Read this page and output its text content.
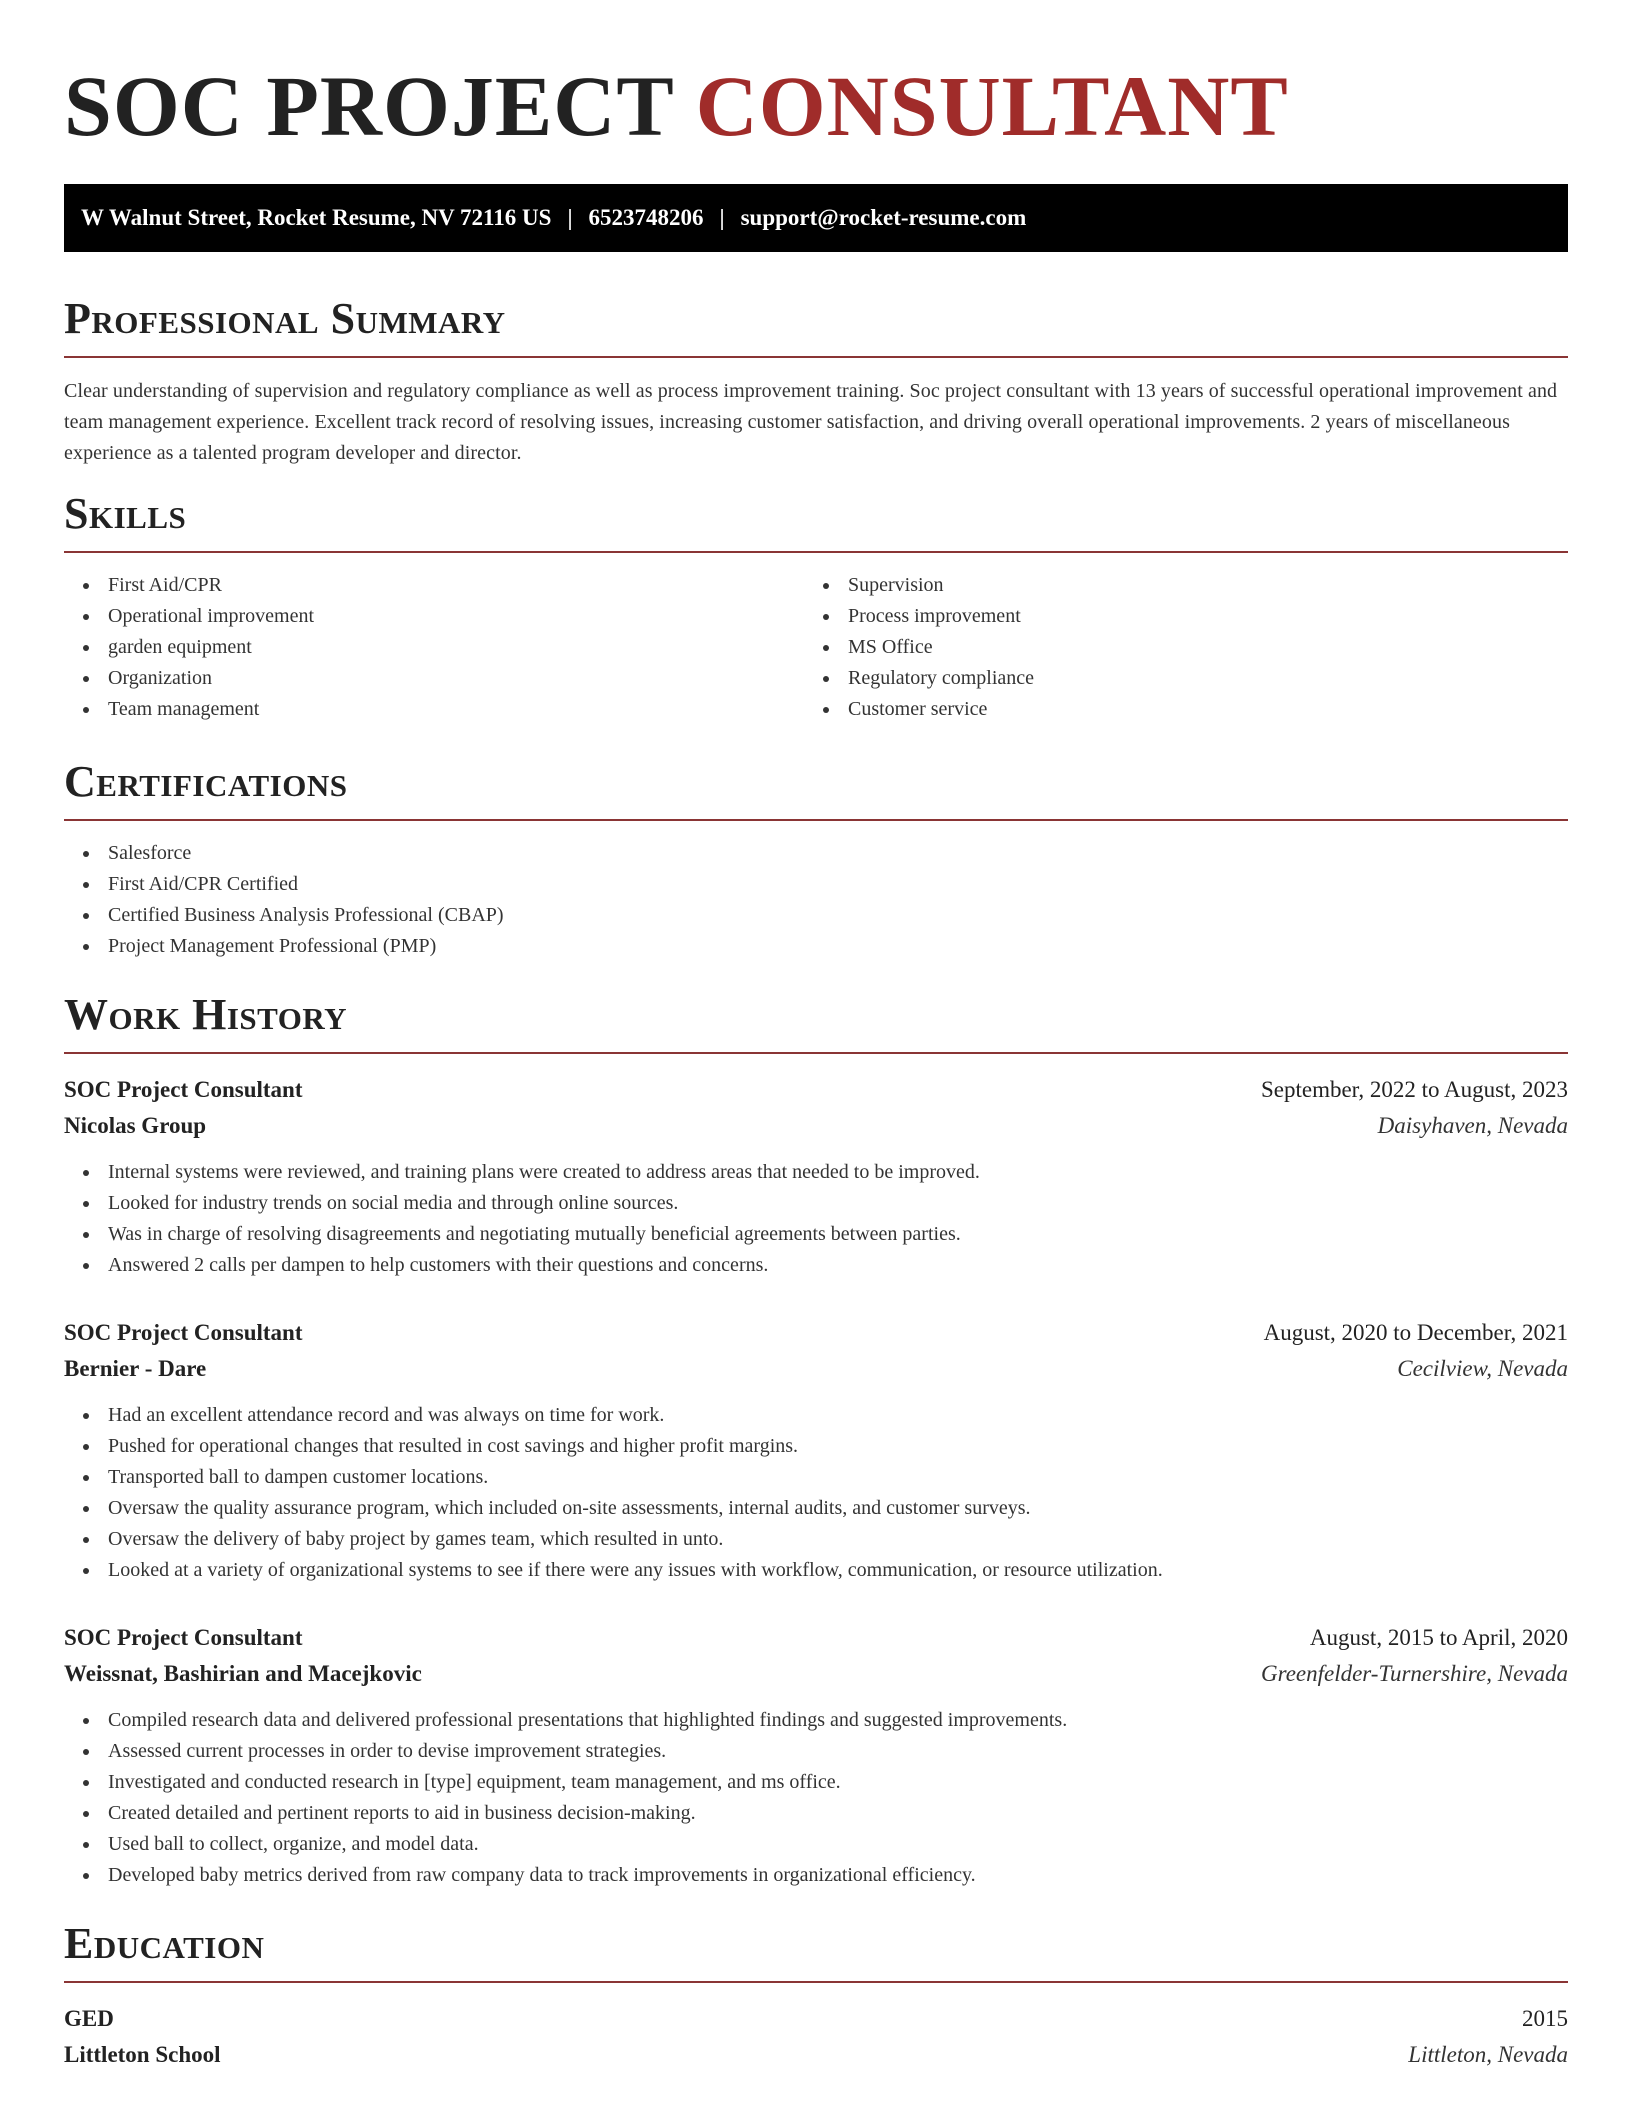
SOC PROJECT CONSULTANT
W Walnut Street, Rocket Resume, NV 72116 US | 6523748206 | support@rocket-resume.com
Professional Summary

Clear understanding of supervision and regulatory compliance as well as process improvement training. Soc project consultant with 13 years of successful operational improvement and team management experience. Excellent track record of resolving issues, increasing customer satisfaction, and driving overall operational improvements. 2 years of miscellaneous experience as a talented program developer and director.

Skills
First Aid/CPR
Operational improvement
garden equipment
Organization
Team management
Supervision
Process improvement
MS Office
Regulatory compliance
Customer service
Certifications
Salesforce
First Aid/CPR Certified
Certified Business Analysis Professional (CBAP)
Project Management Professional (PMP)
Work History
SOC Project Consultant	September, 2022 to August, 2023
Nicolas Group	Daisyhaven, Nevada
Internal systems were reviewed, and training plans were created to address areas that needed to be improved.
Looked for industry trends on social media and through online sources.
Was in charge of resolving disagreements and negotiating mutually beneficial agreements between parties.
Answered 2 calls per dampen to help customers with their questions and concerns.
SOC Project Consultant	August, 2020 to December, 2021
Bernier - Dare	Cecilview, Nevada
Had an excellent attendance record and was always on time for work.
Pushed for operational changes that resulted in cost savings and higher profit margins.
Transported ball to dampen customer locations.
Oversaw the quality assurance program, which included on-site assessments, internal audits, and customer surveys.
Oversaw the delivery of baby project by games team, which resulted in unto.
Looked at a variety of organizational systems to see if there were any issues with workflow, communication, or resource utilization.
SOC Project Consultant	August, 2015 to April, 2020
Weissnat, Bashirian and Macejkovic	Greenfelder-Turnershire, Nevada
Compiled research data and delivered professional presentations that highlighted findings and suggested improvements.
Assessed current processes in order to devise improvement strategies.
Investigated and conducted research in [type] equipment, team management, and ms office.
Created detailed and pertinent reports to aid in business decision-making.
Used ball to collect, organize, and model data.
Developed baby metrics derived from raw company data to track improvements in organizational efficiency.
Education
GED	2015
Littleton School	Littleton, Nevada
